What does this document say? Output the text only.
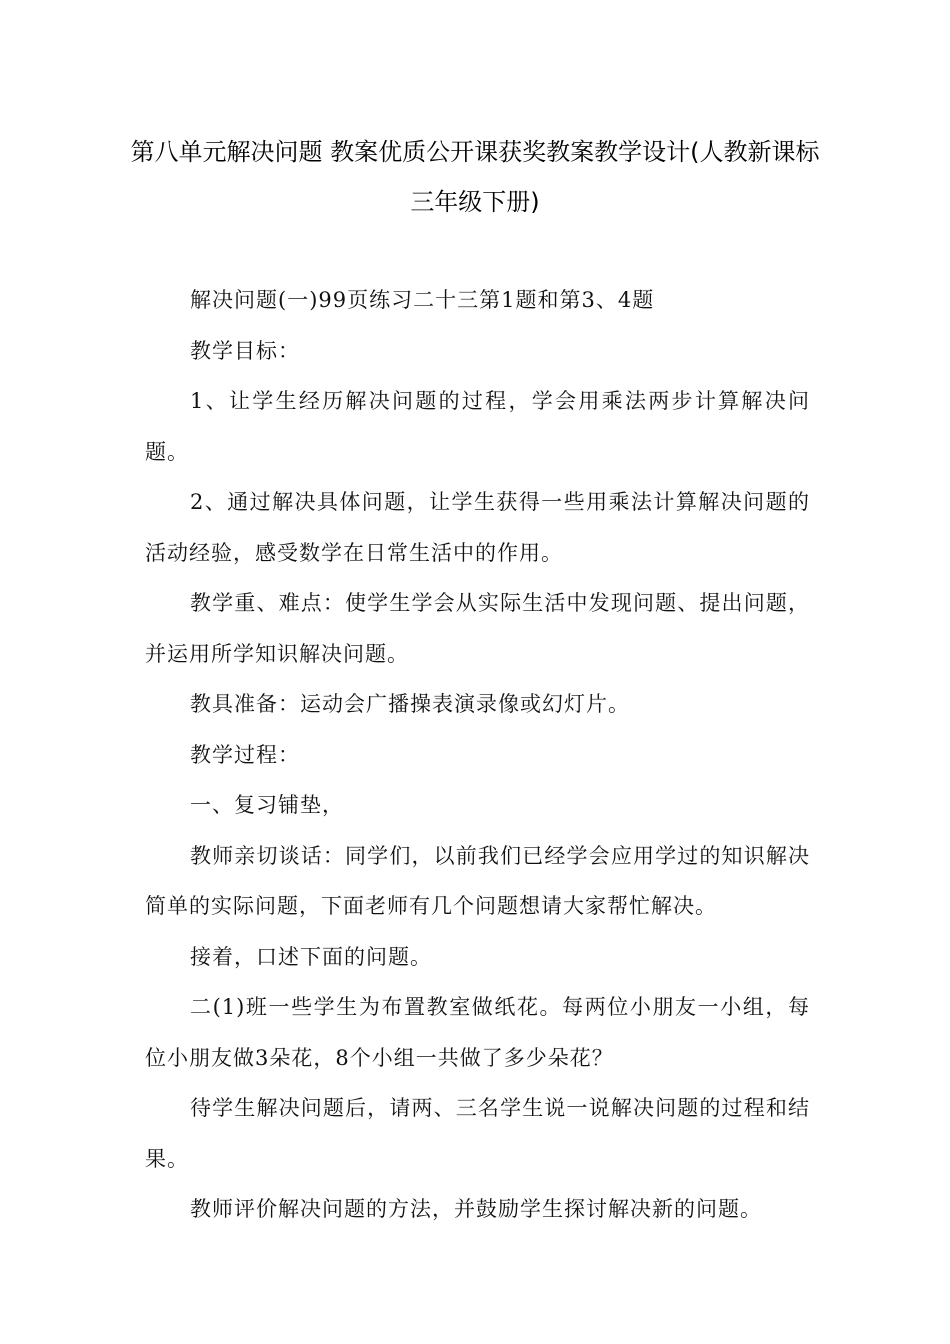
第八单元解决问题 教案优质公开课获奖教案教学设计(人教新课标
三年级下册)

解决问题(一)99页练习二十三第1题和第3、4题

教学目标：

1、让学生经历解决问题的过程，学会用乘法两步计算解决问题。

2、通过解决具体问题，让学生获得一些用乘法计算解决问题的活动经验，感受数学在日常生活中的作用。

教学重、难点：使学生学会从实际生活中发现问题、提出问题，并运用所学知识解决问题。

教具准备：运动会广播操表演录像或幻灯片。

教学过程：

一、复习铺垫，

教师亲切谈话：同学们，以前我们已经学会应用学过的知识解决简单的实际问题，下面老师有几个问题想请大家帮忙解决。

接着，口述下面的问题。

二(1)班一些学生为布置教室做纸花。每两位小朋友一小组，每位小朋友做3朵花，8个小组一共做了多少朵花？

待学生解决问题后，请两、三名学生说一说解决问题的过程和结果。

教师评价解决问题的方法，并鼓励学生探讨解决新的问题。
